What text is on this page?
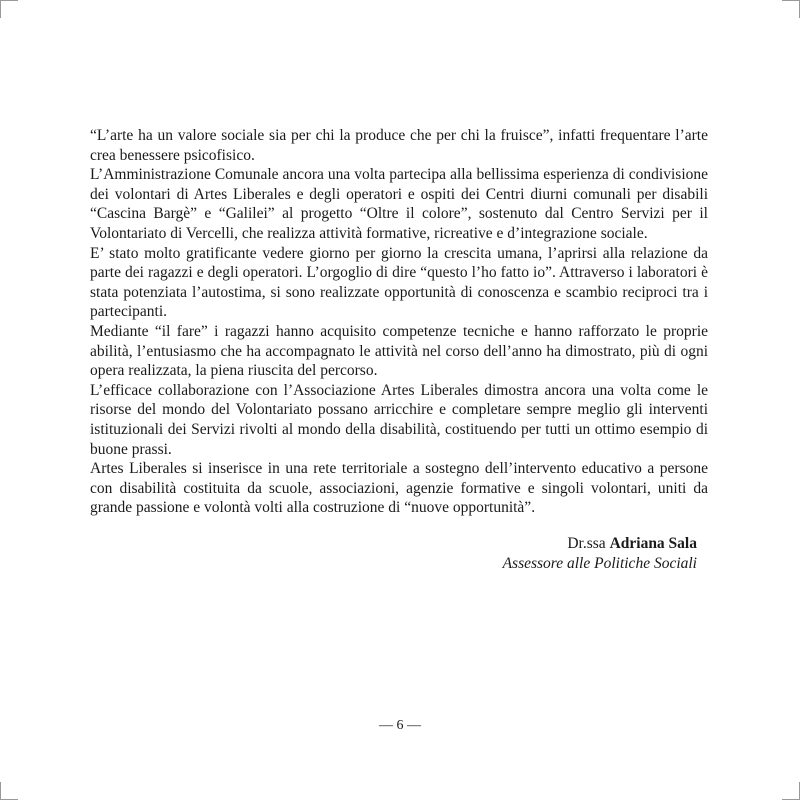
“L’arte ha un valore sociale sia per chi la produce che per chi la fruisce”, infatti frequentare l’arte crea benessere psicofisico.

L’Amministrazione Comunale ancora una volta partecipa alla bellissima esperienza di condivisione dei volontari di Artes Liberales e degli operatori e ospiti dei Centri diurni comunali per disabili “Cascina Bargè” e “Galilei” al progetto “Oltre il colore”, sostenuto dal Centro Servizi per il Volontariato di Vercelli, che realizza attività formative, ricreative e d’integrazione sociale.

E’ stato molto gratificante vedere giorno per giorno la crescita umana, l’aprirsi alla relazione da parte dei ragazzi e degli operatori. L’orgoglio di dire “questo l’ho fatto io”. Attraverso i laboratori è stata potenziata l’autostima, si sono realizzate opportunità di conoscenza e scambio reciproci tra i partecipanti.

Mediante “il fare” i ragazzi hanno acquisito competenze tecniche e hanno rafforzato le proprie abilità, l’entusiasmo che ha accompagnato le attività nel corso dell’anno ha dimostrato, più di ogni opera realizzata, la piena riuscita del percorso.

L’efficace collaborazione con l’Associazione Artes Liberales dimostra ancora una volta come le risorse del mondo del Volontariato possano arricchire e completare sempre meglio gli interventi istituzionali dei Servizi rivolti al mondo della disabilità, costituendo per tutti un ottimo esempio di buone prassi.

Artes Liberales si inserisce in una rete territoriale a sostegno dell’intervento educativo a persone con disabilità costituita da scuole, associazioni, agenzie formative e singoli volontari, uniti da grande passione e volontà volti alla costruzione di “nuove opportunità”.

Dr.ssa Adriana Sala
Assessore alle Politiche Sociali
— 6 —
